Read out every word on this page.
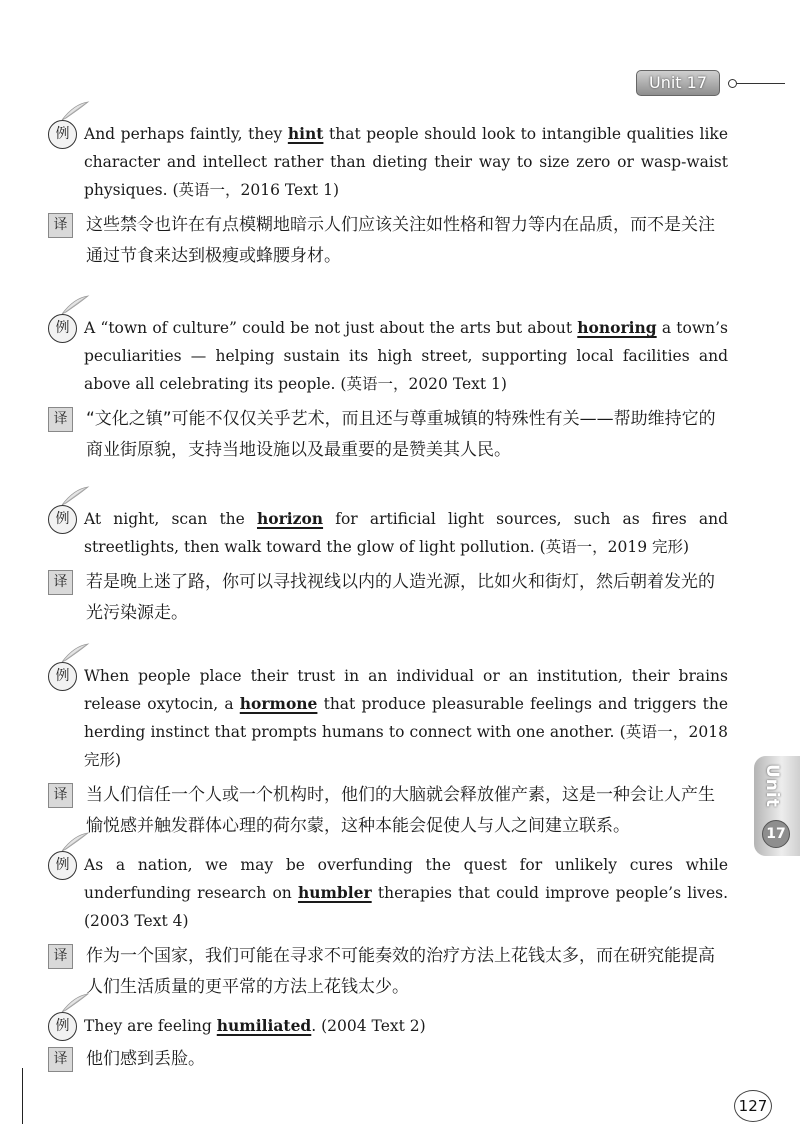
Unit 17
Unit
17
例 And perhaps faintly, they hint that people should look to intangible qualities like character and intellect rather than dieting their way to size zero or wasp-waist physiques. (英语一，2016 Text 1)
译	这些禁令也许在有点模糊地暗示人们应该关注如性格和智力等内在品质，而不是关注通过节食来达到极瘦或蜂腰身材。
例 A “town of culture” could be not just about the arts but about honoring a town’s peculiarities — helping sustain its high street, supporting local facilities and above all celebrating its people. (英语一，2020 Text 1)
译	“文化之镇”可能不仅仅关乎艺术，而且还与尊重城镇的特殊性有关——帮助维持它的商业街原貌，支持当地设施以及最重要的是赞美其人民。
例 At night, scan the horizon for artificial light sources, such as fires and streetlights, then walk toward the glow of light pollution. (英语一，2019 完形)
译	若是晚上迷了路，你可以寻找视线以内的人造光源，比如火和街灯，然后朝着发光的光污染源走。
例 When people place their trust in an individual or an institution, their brains release oxytocin, a hormone that produce pleasurable feelings and triggers the herding instinct that prompts humans to connect with one another. (英语一，2018 完形)
译	当人们信任一个人或一个机构时，他们的大脑就会释放催产素，这是一种会让人产生愉悦感并触发群体心理的荷尔蒙，这种本能会促使人与人之间建立联系。
例 As a nation, we may be overfunding the quest for unlikely cures while underfunding research on humbler therapies that could improve people’s lives. (2003 Text 4)
译	作为一个国家，我们可能在寻求不可能奏效的治疗方法上花钱太多，而在研究能提高人们生活质量的更平常的方法上花钱太少。
例 They are feeling humiliated. (2004 Text 2)
译	他们感到丢脸。
127
